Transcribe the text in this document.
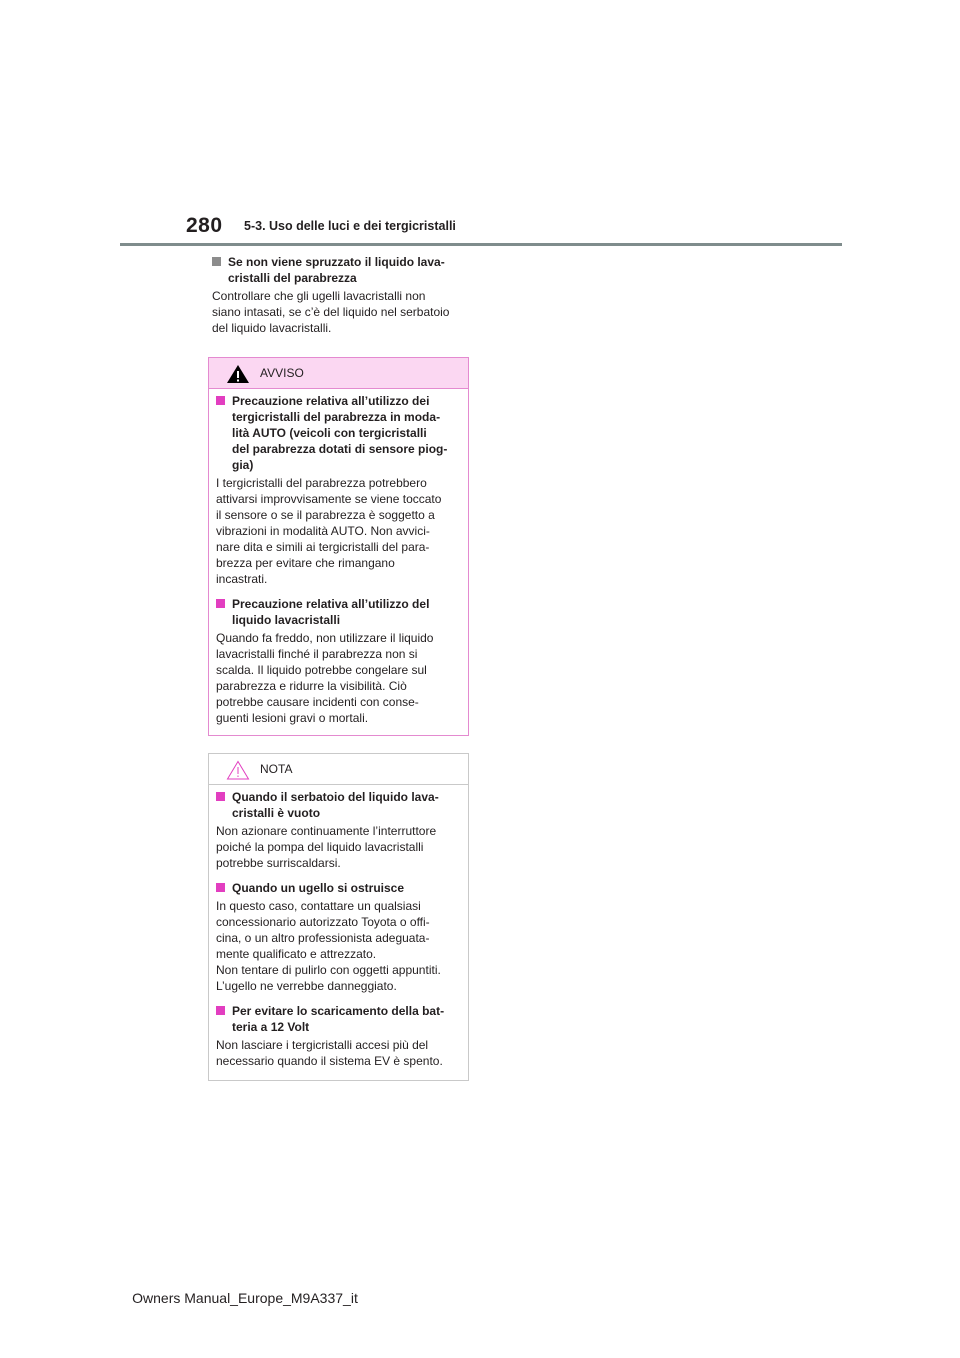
280 5-3. Uso delle luci e dei tergicristalli
Se non viene spruzzato il liquido lava-
cristalli del parabrezza
Controllare che gli ugelli lavacristalli non
siano intasati, se c’è del liquido nel serbatoio
del liquido lavacristalli.
AVVISO
Precauzione relativa all’utilizzo dei
tergicristalli del parabrezza in moda-
lità AUTO (veicoli con tergicristalli
del parabrezza dotati di sensore piog-
gia)
I tergicristalli del parabrezza potrebbero
attivarsi improvvisamente se viene toccato
il sensore o se il parabrezza è soggetto a
vibrazioni in modalità AUTO. Non avvici-
nare dita e simili ai tergicristalli del para-
brezza per evitare che rimangano
incastrati.
Precauzione relativa all’utilizzo del
liquido lavacristalli
Quando fa freddo, non utilizzare il liquido
lavacristalli finché il parabrezza non si
scalda. Il liquido potrebbe congelare sul
parabrezza e ridurre la visibilità. Ciò
potrebbe causare incidenti con conse-
guenti lesioni gravi o mortali.
NOTA
Quando il serbatoio del liquido lava-
cristalli è vuoto
Non azionare continuamente l’interruttore
poiché la pompa del liquido lavacristalli
potrebbe surriscaldarsi.
Quando un ugello si ostruisce
In questo caso, contattare un qualsiasi
concessionario autorizzato Toyota o offi-
cina, o un altro professionista adeguata-
mente qualificato e attrezzato.
Non tentare di pulirlo con oggetti appuntiti.
L’ugello ne verrebbe danneggiato.
Per evitare lo scaricamento della bat-
teria a 12 Volt
Non lasciare i tergicristalli accesi più del
necessario quando il sistema EV è spento.
Owners Manual_Europe_M9A337_it
